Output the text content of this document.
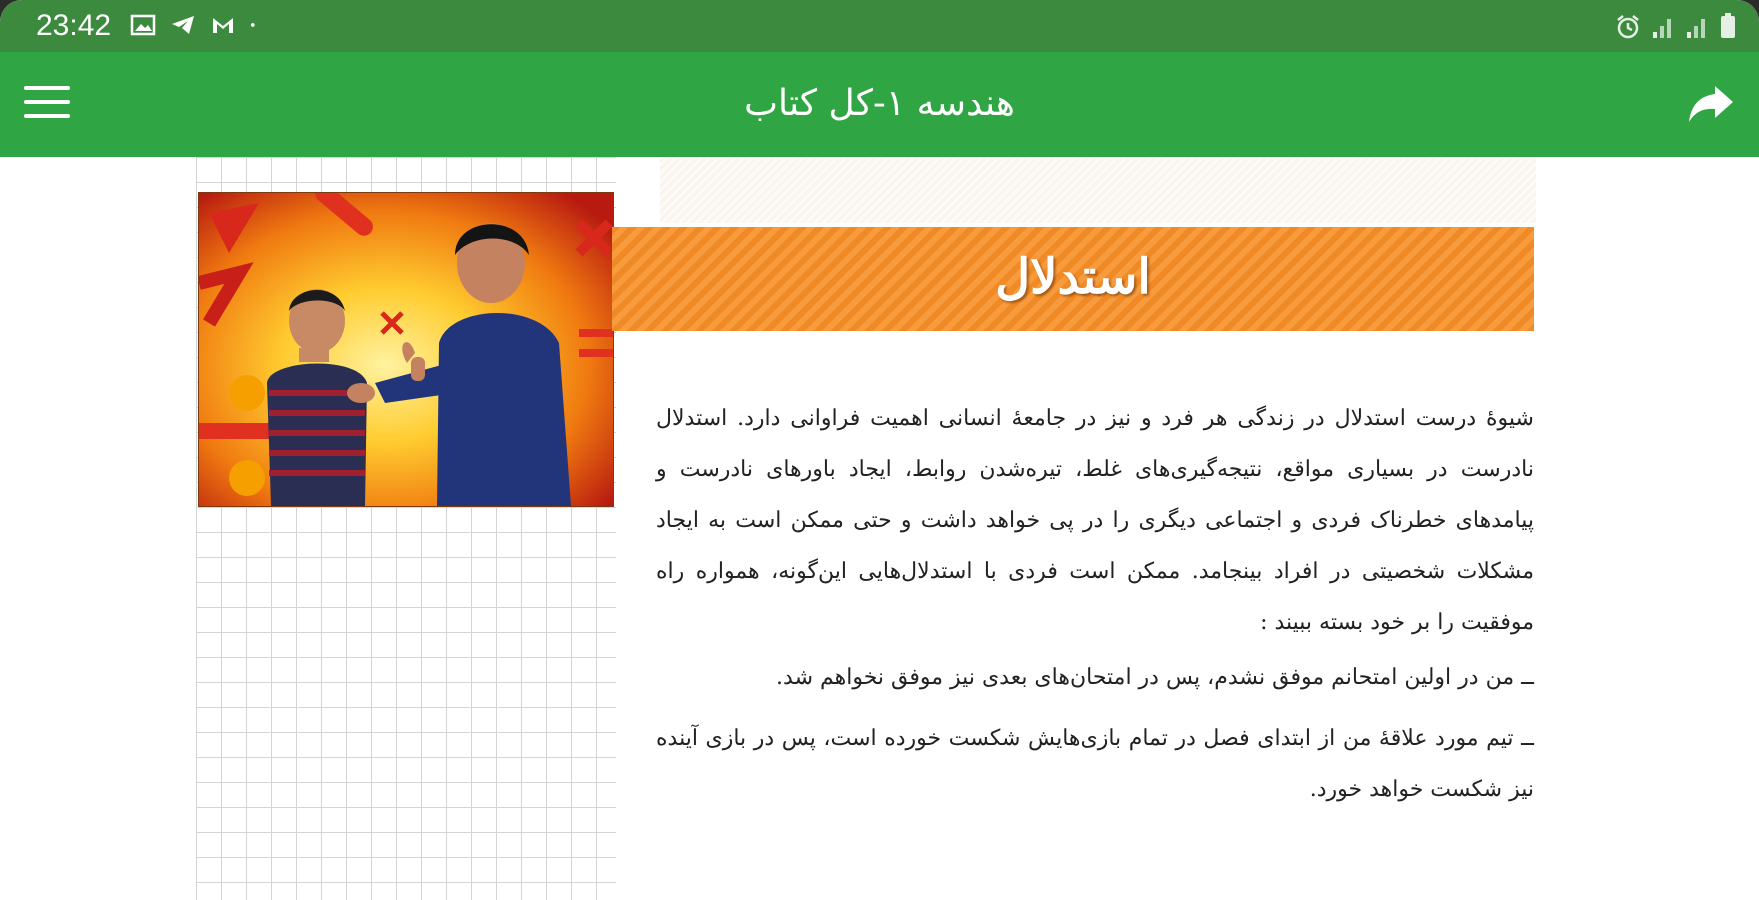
23:42
هندسه ۱-کل کتاب
استدلال

شیوهٔ درست استدلال در زندگی هر فرد و نیز در جامعهٔ انسانی اهمیت فراوانی دارد. استدلال نادرست در بسیاری مواقع، نتیجه‌گیری‌های غلط، تیره‌شدن روابط، ایجاد باورهای نادرست و پیامدهای خطرناک فردی و اجتماعی دیگری را در پی خواهد داشت و حتی ممکن است به ایجاد مشکلات شخصیتی در افراد بینجامد. ممکن است فردی با استدلال‌هایی این‌گونه، همواره راه موفقیت را بر خود بسته ببیند :

ــ من در اولین امتحانم موفق نشدم، پس در امتحان‌های بعدی نیز موفق نخواهم شد.

ــ تیم مورد علاقهٔ من از ابتدای فصل در تمام بازی‌هایش شکست خورده است، پس در بازی آینده نیز شکست خواهد خورد.
